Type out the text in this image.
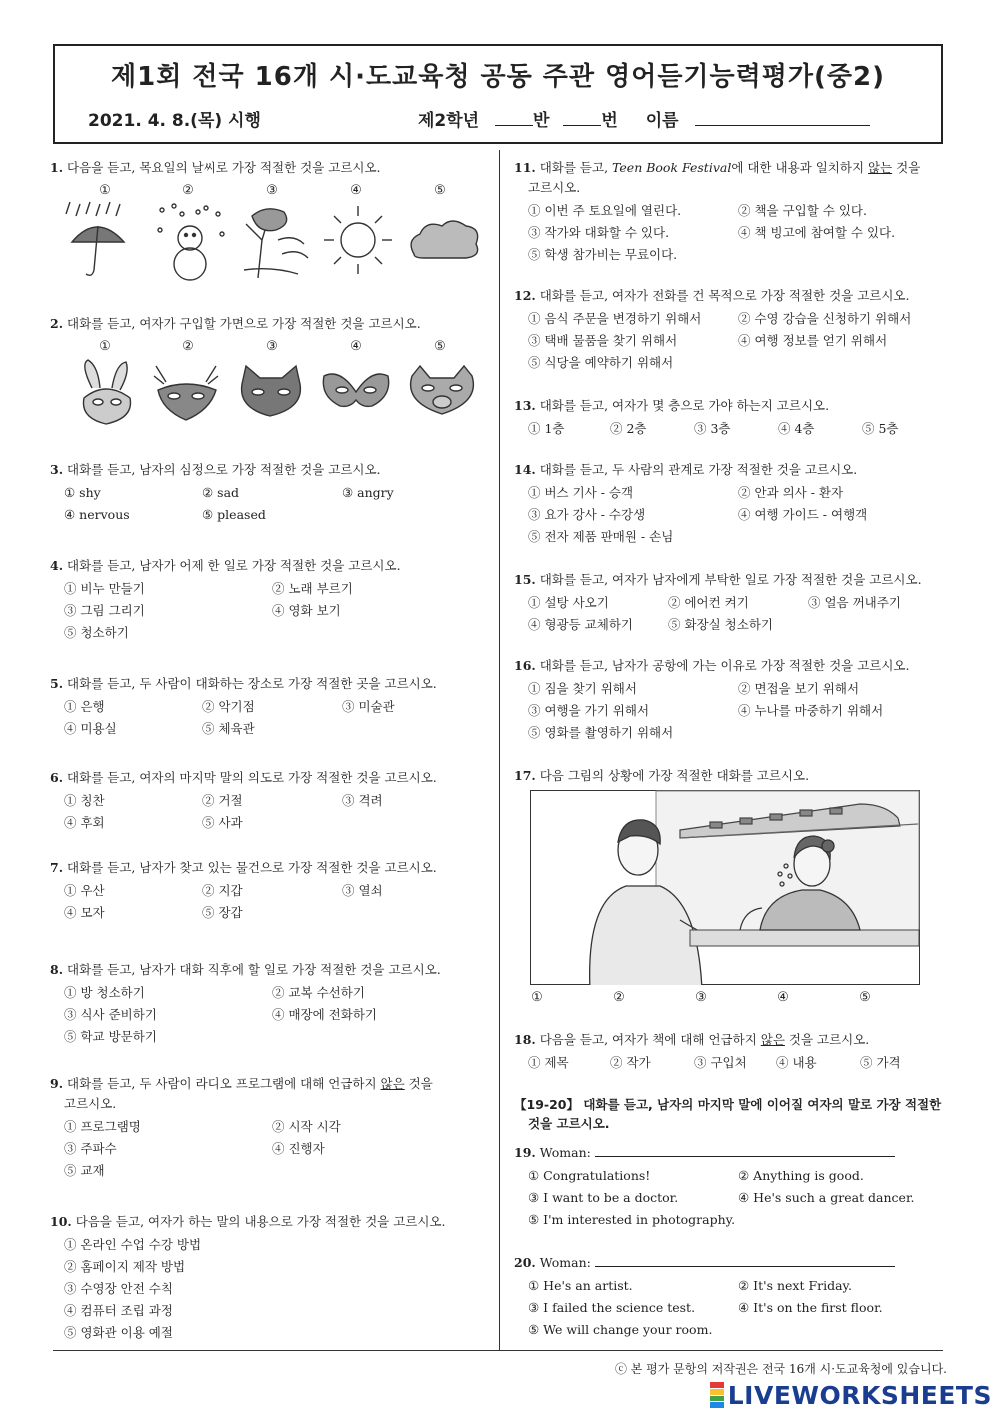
제1회 전국 16개 시·도교육청 공동 주관 영어듣기능력평가(중2)
2021. 4. 8.(목) 시행	제2학년	반	번 이름
1. 다음을 듣고, 목요일의 날씨로 가장 적절한 것을 고르시오.
①	②	③	④	⑤
2. 대화를 듣고, 여자가 구입할 가면으로 가장 적절한 것을 고르시오.
①	②	③	④	⑤
3. 대화를 듣고, 남자의 심정으로 가장 적절한 것을 고르시오.
① shy	② sad	③ angry
④ nervous	⑤ pleased
4. 대화를 듣고, 남자가 어제 한 일로 가장 적절한 것을 고르시오.
① 비누 만들기	② 노래 부르기
③ 그림 그리기	④ 영화 보기
⑤ 청소하기
5. 대화를 듣고, 두 사람이 대화하는 장소로 가장 적절한 곳을 고르시오.
① 은행	② 악기점	③ 미술관
④ 미용실	⑤ 체육관
6. 대화를 듣고, 여자의 마지막 말의 의도로 가장 적절한 것을 고르시오.
① 칭찬	② 거절	③ 격려
④ 후회	⑤ 사과
7. 대화를 듣고, 남자가 찾고 있는 물건으로 가장 적절한 것을 고르시오.
① 우산	② 지갑	③ 열쇠
④ 모자	⑤ 장갑
8. 대화를 듣고, 남자가 대화 직후에 할 일로 가장 적절한 것을 고르시오.
① 방 청소하기	② 교복 수선하기
③ 식사 준비하기	④ 매장에 전화하기
⑤ 학교 방문하기
9. 대화를 듣고, 두 사람이 라디오 프로그램에 대해 언급하지 않은 것을
고르시오.
① 프로그램명	② 시작 시각
③ 주파수	④ 진행자
⑤ 교재
10. 다음을 듣고, 여자가 하는 말의 내용으로 가장 적절한 것을 고르시오.
① 온라인 수업 수강 방법
② 홈페이지 제작 방법
③ 수영장 안전 수칙
④ 컴퓨터 조립 과정
⑤ 영화관 이용 예절
11. 대화를 듣고, Teen Book Festival에 대한 내용과 일치하지 않는 것을
고르시오.
① 이번 주 토요일에 열린다.	② 책을 구입할 수 있다.
③ 작가와 대화할 수 있다.	④ 책 빙고에 참여할 수 있다.
⑤ 학생 참가비는 무료이다.
12. 대화를 듣고, 여자가 전화를 건 목적으로 가장 적절한 것을 고르시오.
① 음식 주문을 변경하기 위해서	② 수영 강습을 신청하기 위해서
③ 택배 물품을 찾기 위해서	④ 여행 정보를 얻기 위해서
⑤ 식당을 예약하기 위해서
13. 대화를 듣고, 여자가 몇 층으로 가야 하는지 고르시오.
① 1층	② 2층	③ 3층	④ 4층	⑤ 5층
14. 대화를 듣고, 두 사람의 관계로 가장 적절한 것을 고르시오.
① 버스 기사 - 승객	② 안과 의사 - 환자
③ 요가 강사 - 수강생	④ 여행 가이드 - 여행객
⑤ 전자 제품 판매원 - 손님
15. 대화를 듣고, 여자가 남자에게 부탁한 일로 가장 적절한 것을 고르시오.
① 설탕 사오기	② 에어컨 켜기	③ 얼음 꺼내주기
④ 형광등 교체하기	⑤ 화장실 청소하기
16. 대화를 듣고, 남자가 공항에 가는 이유로 가장 적절한 것을 고르시오.
① 짐을 찾기 위해서	② 면접을 보기 위해서
③ 여행을 가기 위해서	④ 누나를 마중하기 위해서
⑤ 영화를 촬영하기 위해서
17. 다음 그림의 상황에 가장 적절한 대화를 고르시오.
①	②	③	④	⑤
18. 다음을 듣고, 여자가 책에 대해 언급하지 않은 것을 고르시오.
① 제목	② 작가	③ 구입처 ④ 내용	⑤ 가격
【19-20】 대화를 듣고, 남자의 마지막 말에 이어질 여자의 말로 가장 적절한
것을 고르시오.
19. Woman:
① Congratulations!	② Anything is good.
③ I want to be a doctor.	④ He's such a great dancer.
⑤ I'm interested in photography.
20. Woman:
① He's an artist.	② It's next Friday.
③ I failed the science test.	④ It's on the first floor.
⑤ We will change your room.
ⓒ 본 평가 문항의 저작권은 전국 16개 시·도교육청에 있습니다.
LIVEWORKSHEETS
